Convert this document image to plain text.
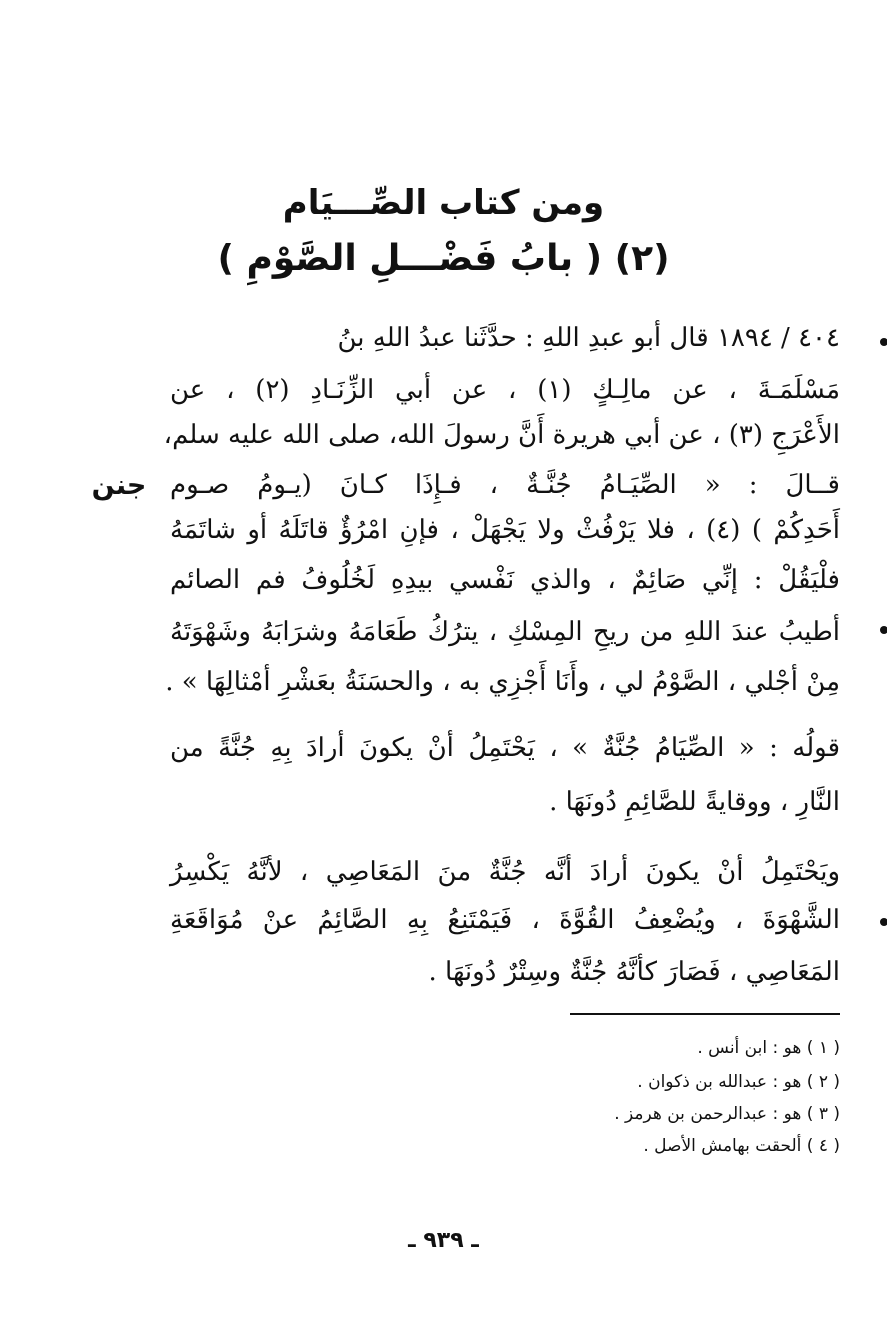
ومن كتاب الصِّـــيَام
(٢) ( بابُ فَضْـــلِ الصَّوْمِ )
جنن
٤٠٤ / ١٨٩٤ قال أبو عبدِ اللهِ : حدَّثَنا عبدُ اللهِ بنُ
مَسْلَمَـةَ ، عن مالِـكٍ (١) ، عن أبي الزِّنَـادِ (٢) ، عن
الأَعْرَجِ (٣) ، عن أبي هريرة أَنَّ رسولَ الله، صلى الله عليه سلم،
قــالَ : « الصِّيَـامُ جُنَّـةٌ ، فـإِذَا كـانَ (يـومُ صـوم
أَحَدِكُمْ ) (٤) ، فلا يَرْفُثْ ولا يَجْهَلْ ، فإنِ امْرُؤٌ قاتَلَهُ أو شاتَمَهُ
فلْيَقُلْ : إنِّي صَائِمٌ ، والذي نَفْسي بيدِهِ لَخُلُوفُ فم الصائم
أطيبُ عندَ اللهِ من ريحِ المِسْكِ ، يترُكُ طَعَامَهُ وشرَابَهُ وشَهْوَتَهُ
مِنْ أجْلي ، الصَّوْمُ لي ، وأَنَا أَجْزِي به ، والحسَنَةُ بعَشْرِ أمْثالِهَا » .
قولُه : « الصِّيَامُ جُنَّةٌ » ، يَحْتَمِلُ أنْ يكونَ أرادَ بِهِ جُنَّةً من
النَّارِ ، ووقايةً للصَّائِمِ دُونَهَا .
ويَحْتَمِلُ أنْ يكونَ أرادَ أنَّه جُنَّةٌ منَ المَعَاصِي ، لأنَّهُ يَكْسِرُ
الشَّهْوَةَ ، ويُضْعِفُ القُوَّةَ ، فَيَمْتَنِعُ بِهِ الصَّائِمُ عنْ مُوَاقَعَةِ
المَعَاصِي ، فَصَارَ كأنَّهُ جُنَّةٌ وسِتْرٌ دُونَهَا .
( ١ ) هو : ابن أنس .
( ٢ ) هو : عبدالله بن ذكوان .
( ٣ ) هو : عبدالرحمن بن هرمز .
( ٤ ) ألحقت بهامش الأصل .
ـ ٩٣٩ ـ
